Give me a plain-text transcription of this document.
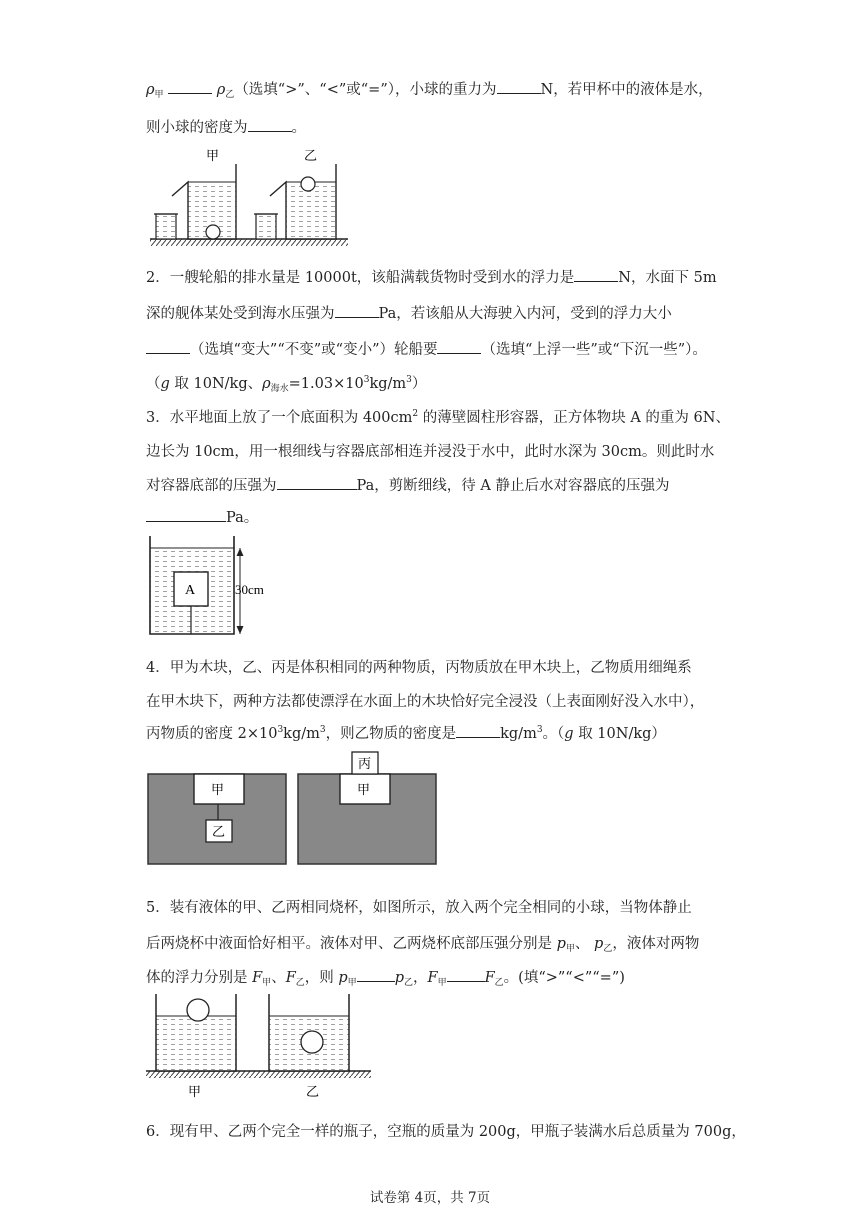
$\rho_甲$	$\rho_乙$（选填“>”、“<”或“=”），小球的重力为	N，若甲杯中的液体是水，
则小球的密度为	。
甲	乙
2．一艘轮船的排水量是 10000t，该船满载货物时受到水的浮力是	N，水面下 5m
深的舰体某处受到海水压强为	Pa，若该船从大海驶入内河，受到的浮力大小
（选填“变大”“不变”或“变小”）轮船要	（选填“上浮一些”或“下沉一些”）。
（g 取 10N/kg、$\rho_{海水}=1.03\times 10^3kg/m^3$）
3．水平地面上放了一个底面积为 $400cm^2$ 的薄壁圆柱形容器，正方体物块 A 的重为 6N、
边长为 10cm，用一根细线与容器底部相连并浸没于水中，此时水深为 30cm。则此时水
对容器底部的压强为	Pa，剪断细线，待 A 静止后水对容器底的压强为
Pa。
A	30cm
4．甲为木块，乙、丙是体积相同的两种物质，丙物质放在甲木块上，乙物质用细绳系
在甲木块下，两种方法都使漂浮在水面上的木块恰好完全浸没（上表面刚好没入水中），
丙物质的密度 $2\times 10^3kg/m^3$，则乙物质的密度是	$kg/m^3$。（g 取 10N/kg）
甲
乙
甲
丙
5．装有液体的甲、乙两相同烧杯，如图所示，放入两个完全相同的小球，当物体静止
后两烧杯中液面恰好相平。液体对甲、乙两烧杯底部压强分别是 $p_甲$、 $p_乙$，液体对两物
体的浮力分别是 $F_甲$、$F_乙$，则 $p_甲$	$p_乙$，$F_甲$	$F_乙$。(填“>”“<”“=”)
甲	乙
6．现有甲、乙两个完全一样的瓶子，空瓶的质量为 200g，甲瓶子装满水后总质量为 700g，
试卷第 4页，共 7页
